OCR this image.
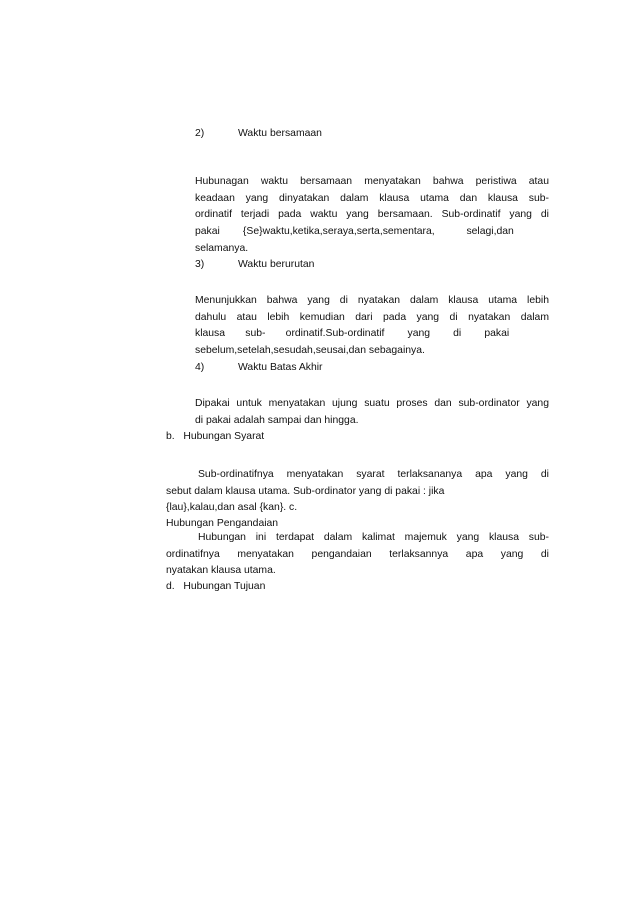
2)	Waktu bersamaan
Hubunagan waktu bersamaan menyatakan bahwa peristiwa atau
keadaan yang dinyatakan dalam klausa utama dan klausa sub-
ordinatif terjadi pada waktu yang bersamaan. Sub-ordinatif yang di
pakai        {Se}waktu,ketika,seraya,serta,sementara,           selagi,dan
selamanya.
3)	Waktu berurutan
Menunjukkan bahwa yang di nyatakan dalam klausa utama lebih
dahulu atau lebih kemudian dari pada yang di nyatakan dalam
klausa       sub-       ordinatif.Sub-ordinatif        yang        di        pakai
sebelum,setelah,sesudah,seusai,dan sebagainya.
4)	Waktu Batas Akhir
Dipakai untuk menyatakan ujung suatu proses dan sub-ordinator yang
di pakai adalah sampai dan hingga.
b.   Hubungan Syarat
Sub-ordinatifnya menyatakan syarat terlaksananya apa yang di
sebut dalam klausa utama. Sub-ordinator yang di pakai : jika
{lau},kalau,dan asal {kan}. c.
Hubungan Pengandaian
Hubungan ini terdapat dalam kalimat majemuk yang klausa sub-
ordinatifnya menyatakan pengandaian terlaksannya apa yang di
nyatakan klausa utama.
d.   Hubungan Tujuan
